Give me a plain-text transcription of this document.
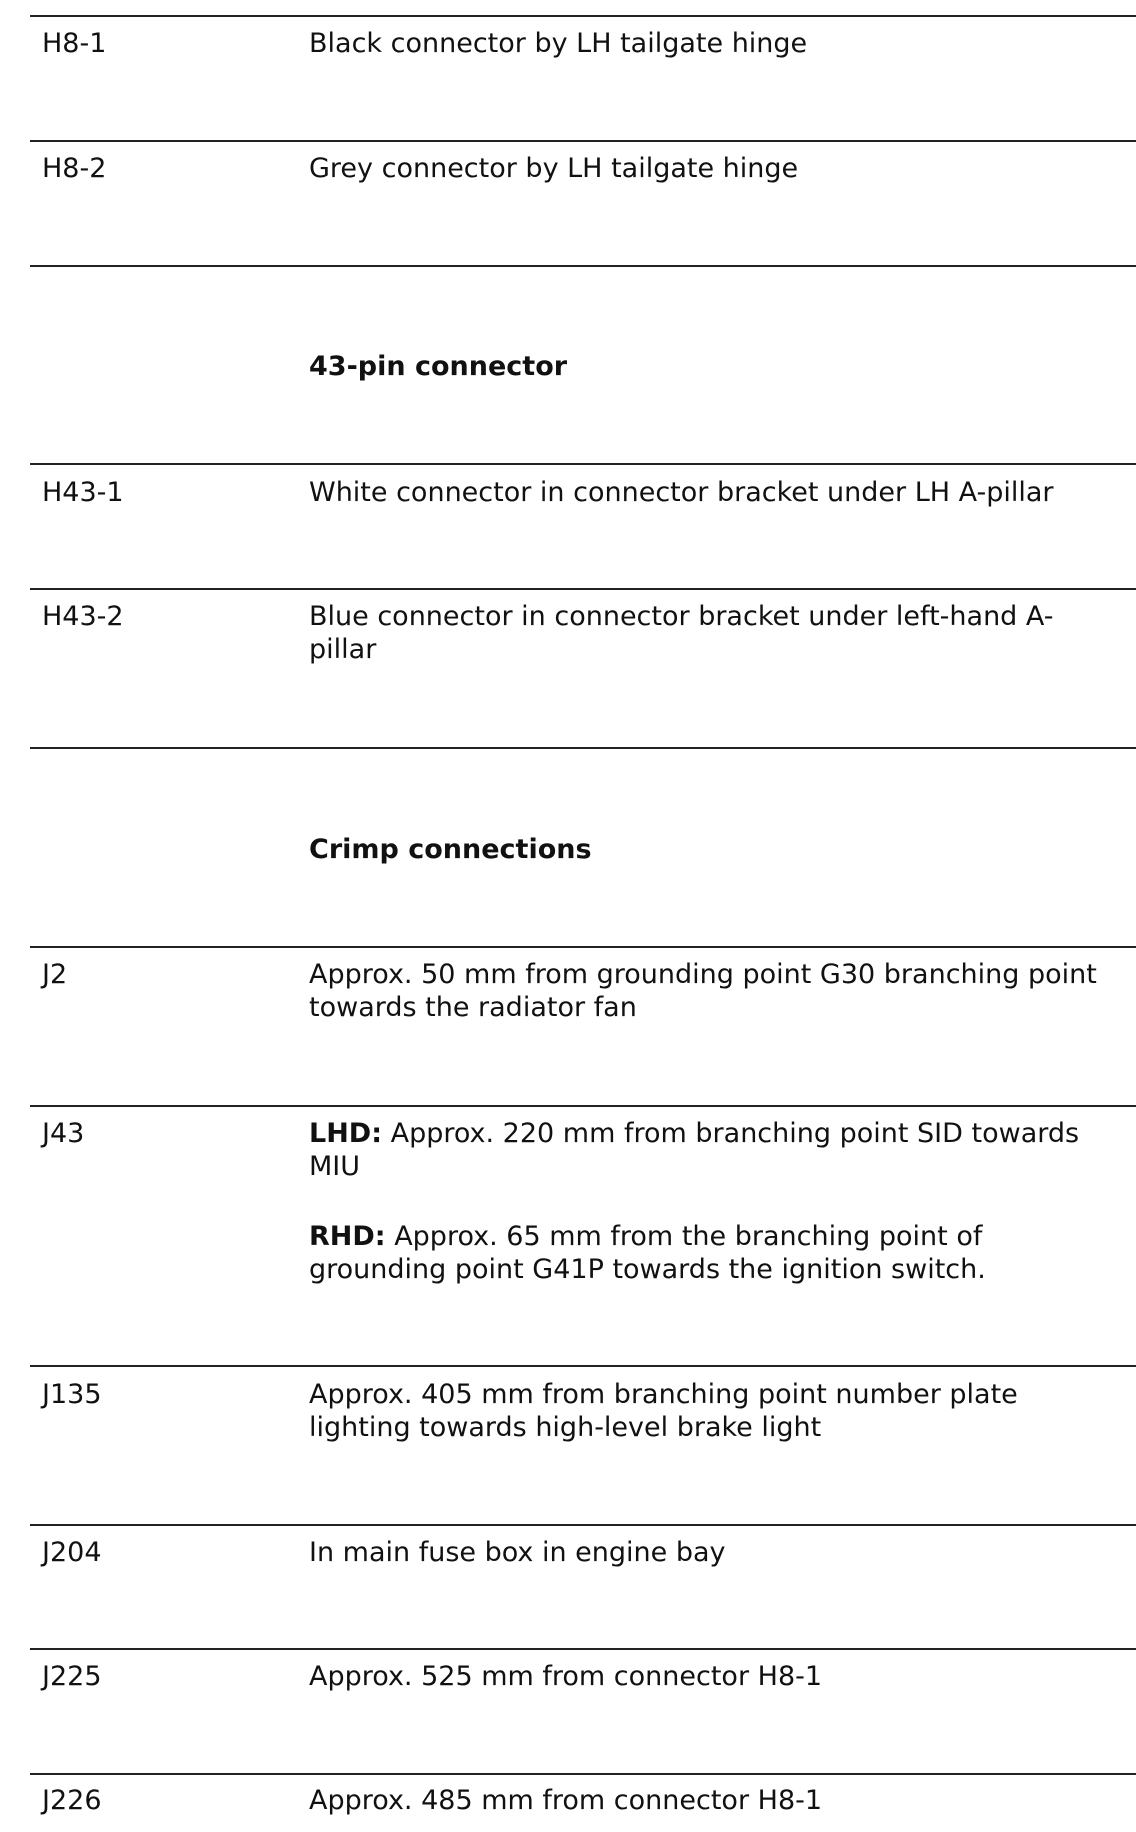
H8-1	Black connector by LH tailgate hinge
H8-2	Grey connector by LH tailgate hinge
43-pin connector
H43-1	White connector in connector bracket under LH A-pillar
H43-2	Blue connector in connector bracket under left-hand A-pillar
Crimp connections
J2	Approx. 50 mm from grounding point G30 branching point towards the radiator fan
J43	LHD: Approx. 220 mm from branching point SID towards MIU

RHD: Approx. 65 mm from the branching point of grounding point G41P towards the ignition switch.

J135	Approx. 405 mm from branching point number plate lighting towards high-level brake light
J204	In main fuse box in engine bay
J225	Approx. 525 mm from connector H8-1
J226	Approx. 485 mm from connector H8-1
